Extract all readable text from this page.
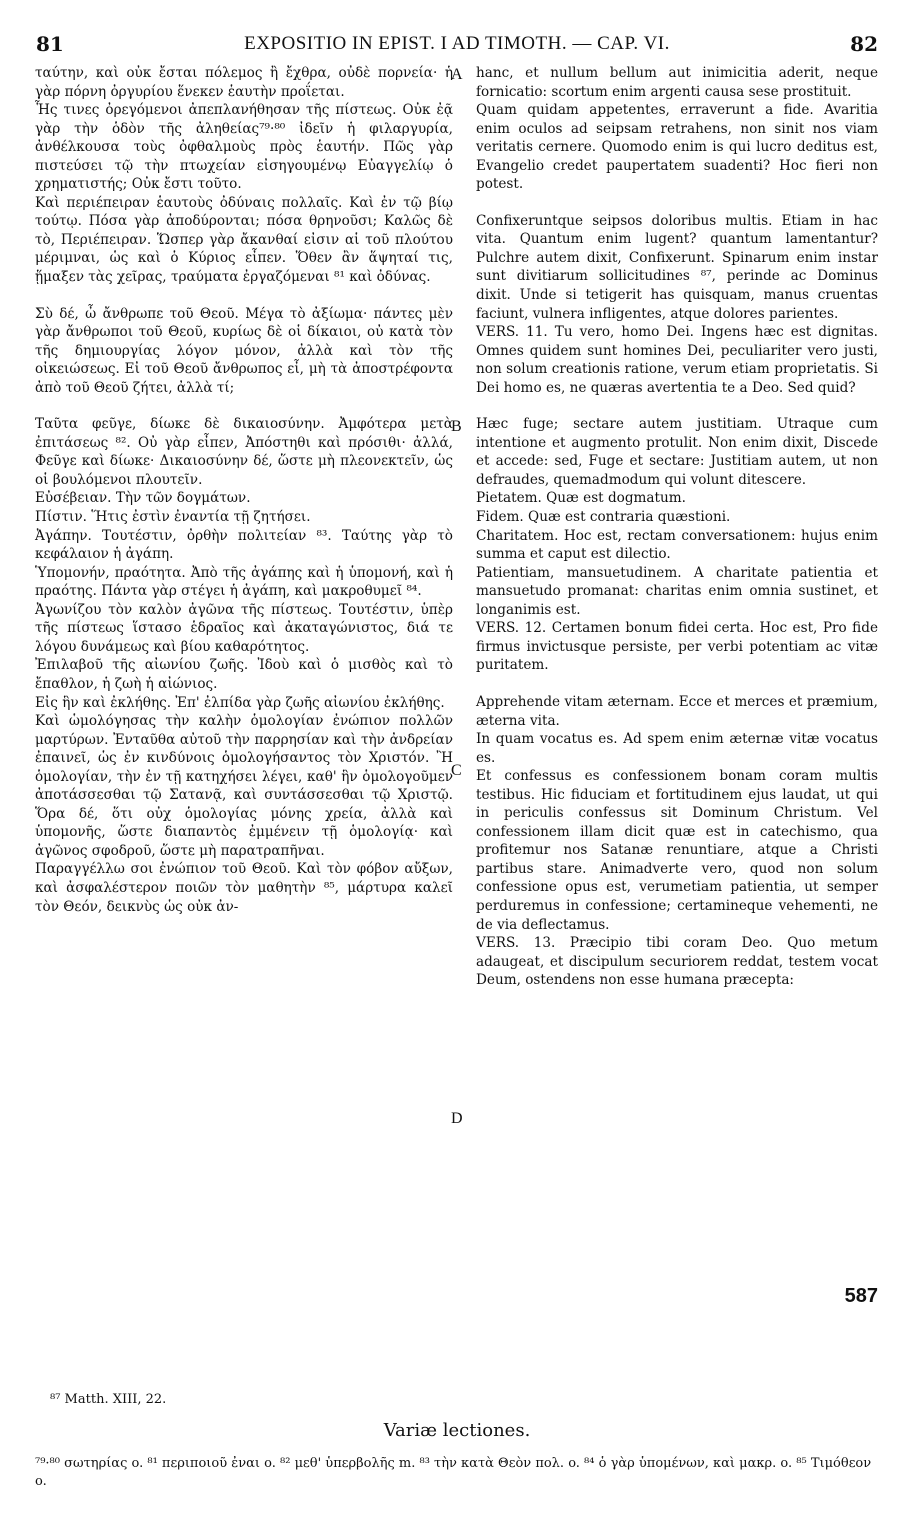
81	EXPOSITIO IN EPIST. I AD TIMOTH. — CAP. VI.	82

ταύτην, καὶ οὐκ ἔσται πόλεμος ἢ ἔχθρα, οὐδὲ πορνεία· ἡ γὰρ πόρνη ὀργυρίου ἕνεκεν ἑαυτὴν προΐεται.

Ἧς τινες ὀρεγόμενοι ἀπεπλανήθησαν τῆς πίστεως. Οὐκ ἐᾷ γὰρ τὴν ὁδὸν τῆς ἀληθείας⁷⁹·⁸⁰ ἰδεῖν ἡ φιλαργυρία, ἀνθέλκουσα τοὺς ὀφθαλμοὺς πρὸς ἑαυτήν. Πῶς γὰρ πιστεύσει τῷ τὴν πτωχείαν εἰσηγουμένῳ Εὐαγγελίῳ ὁ χρηματιστής; Οὐκ ἔστι τοῦτο.

Καὶ περιέπειραν ἑαυτοὺς ὀδύναις πολλαῖς. Καὶ ἐν τῷ βίῳ τούτῳ. Πόσα γὰρ ἀποδύρονται; πόσα θρηνοῦσι; Καλῶς δὲ τὸ, Περιέπειραν. Ὥσπερ γὰρ ἄκανθαί εἰσιν αἱ τοῦ πλούτου μέριμναι, ὡς καὶ ὁ Κύριος εἶπεν. Ὅθεν ἂν ἅψηταί τις, ᾕμαξεν τὰς χεῖρας, τραύματα ἐργαζόμεναι ⁸¹ καὶ ὀδύνας.

Σὺ δέ, ὦ ἄνθρωπε τοῦ Θεοῦ. Μέγα τὸ ἀξίωμα· πάντες μὲν γὰρ ἄνθρωποι τοῦ Θεοῦ, κυρίως δὲ οἱ δίκαιοι, οὐ κατὰ τὸν τῆς δημιουργίας λόγον μόνον, ἀλλὰ καὶ τὸν τῆς οἰκειώσεως. Εἰ τοῦ Θεοῦ ἄνθρωπος εἶ, μὴ τὰ ἀποστρέφοντα ἀπὸ τοῦ Θεοῦ ζήτει, ἀλλὰ τί;

Ταῦτα φεῦγε, δίωκε δὲ δικαιοσύνην. Ἀμφότερα μετὰ ἐπιτάσεως ⁸². Οὐ γὰρ εἶπεν, Ἀπόστηθι καὶ πρόσιθι· ἀλλά, Φεῦγε καὶ δίωκε· Δικαιοσύνην δέ, ὥστε μὴ πλεονεκτεῖν, ὡς οἱ βουλόμενοι πλουτεῖν.

Εὐσέβειαν. Τὴν τῶν δογμάτων.

Πίστιν. Ἥτις ἐστὶν ἐναντία τῇ ζητήσει.

Ἀγάπην. Τουτέστιν, ὀρθὴν πολιτείαν ⁸³. Ταύτης γὰρ τὸ κεφάλαιον ἡ ἀγάπη.

Ὑπομονήν, πραότητα. Ἀπὸ τῆς ἀγάπης καὶ ἡ ὑπομονή, καὶ ἡ πραότης. Πάντα γὰρ στέγει ἡ ἀγάπη, καὶ μακροθυμεῖ ⁸⁴.

Ἀγωνίζου τὸν καλὸν ἀγῶνα τῆς πίστεως. Τουτέστιν, ὑπὲρ τῆς πίστεως ἵστασο ἑδραῖος καὶ ἀκαταγώνιστος, διά τε λόγου δυνάμεως καὶ βίου καθαρότητος.

Ἐπιλαβοῦ τῆς αἰωνίου ζωῆς. Ἰδοὺ καὶ ὁ μισθὸς καὶ τὸ ἔπαθλον, ἡ ζωὴ ἡ αἰώνιος.

Εἰς ἣν καὶ ἐκλήθης. Ἐπ' ἐλπίδα γὰρ ζωῆς αἰωνίου ἐκλήθης.

Καὶ ὡμολόγησας τὴν καλὴν ὁμολογίαν ἐνώπιον πολλῶν μαρτύρων. Ἐνταῦθα αὐτοῦ τὴν παρρησίαν καὶ τὴν ἀνδρείαν ἐπαινεῖ, ὡς ἐν κινδύνοις ὁμολογήσαντος τὸν Χριστόν. Ἢ ὁμολογίαν, τὴν ἐν τῇ κατηχήσει λέγει, καθ' ἣν ὁμολογοῦμεν ἀποτάσσεσθαι τῷ Σατανᾷ, καὶ συντάσσεσθαι τῷ Χριστῷ. Ὅρα δέ, ὅτι οὐχ ὁμολογίας μόνης χρεία, ἀλλὰ καὶ ὑπομονῆς, ὥστε διαπαντὸς ἐμμένειν τῇ ὁμολογίᾳ· καὶ ἀγῶνος σφοδροῦ, ὥστε μὴ παρατραπῆναι.

Παραγγέλλω σοι ἐνώπιον τοῦ Θεοῦ. Καὶ τὸν φόβον αὔξων, καὶ ἀσφαλέστερον ποιῶν τὸν μαθητὴν ⁸⁵, μάρτυρα καλεῖ τὸν Θεόν, δεικνὺς ὡς οὐκ ἀν-

A
B
C
D

hanc, et nullum bellum aut inimicitia aderit, neque fornicatio: scortum enim argenti causa sese prostituit.

Quam quidam appetentes, erraverunt a fide. Avaritia enim oculos ad seipsam retrahens, non sinit nos viam veritatis cernere. Quomodo enim is qui lucro deditus est, Evangelio credet paupertatem suadenti? Hoc fieri non potest.

Confixeruntque seipsos doloribus multis. Etiam in hac vita. Quantum enim lugent? quantum lamentantur? Pulchre autem dixit, Confixerunt. Spinarum enim instar sunt divitiarum sollicitudines ⁸⁷, perinde ac Dominus dixit. Unde si tetigerit has quisquam, manus cruentas faciunt, vulnera infligentes, atque dolores parientes.

VERS. 11. Tu vero, homo Dei. Ingens hæc est dignitas. Omnes quidem sunt homines Dei, peculiariter vero justi, non solum creationis ratione, verum etiam proprietatis. Si Dei homo es, ne quæras avertentia te a Deo. Sed quid?

Hæc fuge; sectare autem justitiam. Utraque cum intentione et augmento protulit. Non enim dixit, Discede et accede: sed, Fuge et sectare: Justitiam autem, ut non defraudes, quemadmodum qui volunt ditescere.

Pietatem. Quæ est dogmatum.

Fidem. Quæ est contraria quæstioni.

Charitatem. Hoc est, rectam conversationem: hujus enim summa et caput est dilectio.

Patientiam, mansuetudinem. A charitate patientia et mansuetudo promanat: charitas enim omnia sustinet, et longanimis est.

VERS. 12. Certamen bonum fidei certa. Hoc est, Pro fide firmus invictusque persiste, per verbi potentiam ac vitæ puritatem.

Apprehende vitam æternam. Ecce et merces et præmium, æterna vita.

In quam vocatus es. Ad spem enim æternæ vitæ vocatus es.

Et confessus es confessionem bonam coram multis testibus. Hic fiduciam et fortitudinem ejus laudat, ut qui in periculis confessus sit Dominum Christum. Vel confessionem illam dicit quæ est in catechismo, qua profitemur nos Satanæ renuntiare, atque a Christi partibus stare. Animadverte vero, quod non solum confessione opus est, verumetiam patientia, ut semper perduremus in confessione; certamineque vehementi, ne de via deflectamus.

VERS. 13. Præcipio tibi coram Deo. Quo metum adaugeat, et discipulum securiorem reddat, testem vocat Deum, ostendens non esse humana præcepta:

587
⁸⁷ Matth. XIII, 22.
Variæ lectiones.
⁷⁹·⁸⁰ σωτηρίας o. ⁸¹ περιποιοῦ ἐναι o. ⁸² μεθ' ὑπερβολῆς m. ⁸³ τὴν κατὰ Θεὸν πολ. o. ⁸⁴ ὁ γὰρ ὑπομένων, καὶ μακρ. o. ⁸⁵ Τιμόθεον o.
